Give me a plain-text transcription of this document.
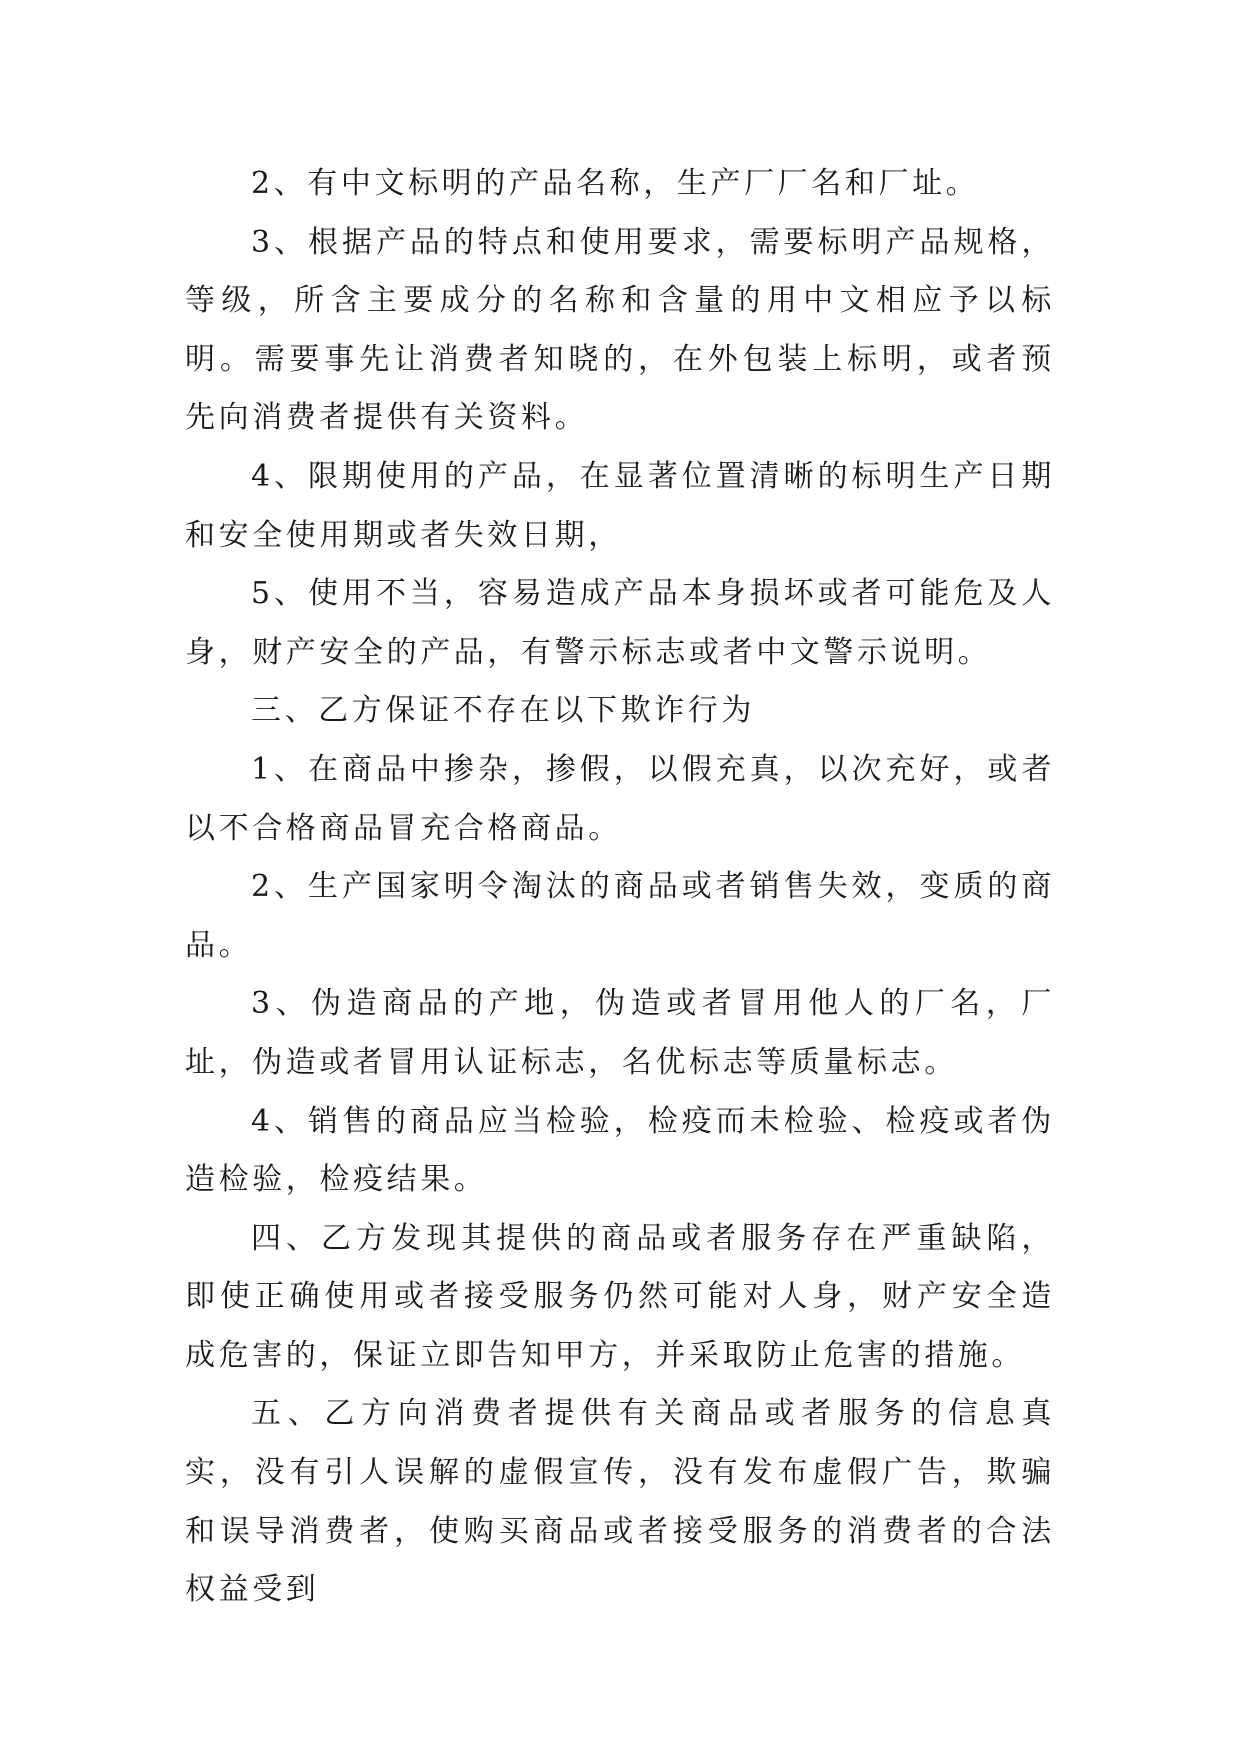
2、有中文标明的产品名称，生产厂厂名和厂址。

3、根据产品的特点和使用要求，需要标明产品规格，等级，所含主要成分的名称和含量的用中文相应予以标明。需要事先让消费者知晓的，在外包装上标明，或者预先向消费者提供有关资料。

4、限期使用的产品，在显著位置清晰的标明生产日期和安全使用期或者失效日期，

5、使用不当，容易造成产品本身损坏或者可能危及人身，财产安全的产品，有警示标志或者中文警示说明。

三、乙方保证不存在以下欺诈行为

1、在商品中掺杂，掺假，以假充真，以次充好，或者以不合格商品冒充合格商品。

2、生产国家明令淘汰的商品或者销售失效，变质的商品。

3、伪造商品的产地，伪造或者冒用他人的厂名，厂址，伪造或者冒用认证标志，名优标志等质量标志。

4、销售的商品应当检验，检疫而未检验、检疫或者伪造检验，检疫结果。

四、乙方发现其提供的商品或者服务存在严重缺陷，即使正确使用或者接受服务仍然可能对人身，财产安全造成危害的，保证立即告知甲方，并采取防止危害的措施。

五、乙方向消费者提供有关商品或者服务的信息真实，没有引人误解的虚假宣传，没有发布虚假广告，欺骗和误导消费者，使购买商品或者接受服务的消费者的合法权益受到
